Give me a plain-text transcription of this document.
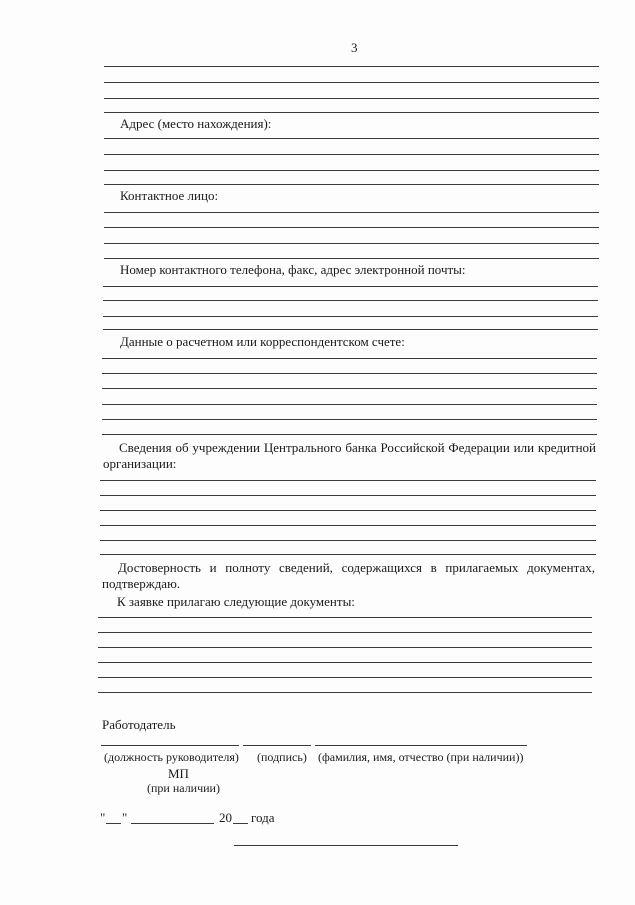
3
Адрес (место нахождения):
Контактное лицо:
Номер контактного телефона, факс, адрес электронной почты:
Данные о расчетном или корреспондентском счете:
Сведения об учреждении Центрального банка Российской Федерации или кредитной
организации:
Достоверность и полноту сведений, содержащихся в прилагаемых документах,
подтверждаю.
К заявке прилагаю следующие документы:
Работодатель
(должность руководителя) (подпись) (фамилия, имя, отчество (при наличии))
МП
(при наличии)
" "	20 года
